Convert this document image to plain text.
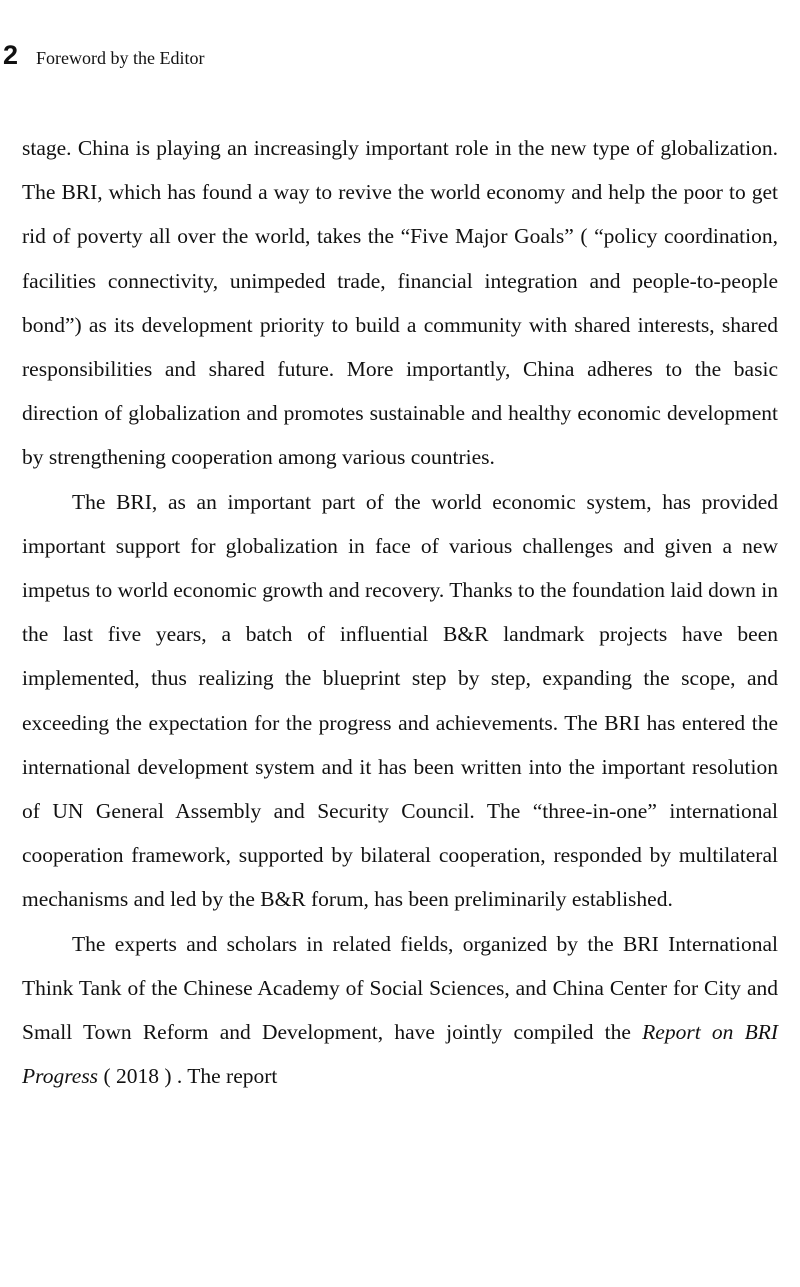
2 Foreword by the Editor

stage. China is playing an increasingly important role in the new type of globalization. The BRI, which has found a way to revive the world economy and help the poor to get rid of poverty all over the world, takes the “Five Major Goals” ( “policy coordination, facilities connectivity, unimpeded trade, financial integration and people-to-people bond”) as its development priority to build a community with shared interests, shared responsibilities and shared future. More importantly, China adheres to the basic direction of globalization and promotes sustainable and healthy economic development by strengthening cooperation among various countries.

The BRI, as an important part of the world economic system, has provided important support for globalization in face of various challenges and given a new impetus to world economic growth and recovery. Thanks to the foundation laid down in the last five years, a batch of influential B&R landmark projects have been implemented, thus realizing the blueprint step by step, expanding the scope, and exceeding the expectation for the progress and achievements. The BRI has entered the international development system and it has been written into the important resolution of UN General Assembly and Security Council. The “three-in-one” international cooperation framework, supported by bilateral cooperation, responded by multilateral mechanisms and led by the B&R forum, has been preliminarily established.

The experts and scholars in related fields, organized by the BRI International Think Tank of the Chinese Academy of Social Sciences, and China Center for City and Small Town Reform and Development, have jointly compiled the Report on BRI Progress ( 2018 ) . The report
